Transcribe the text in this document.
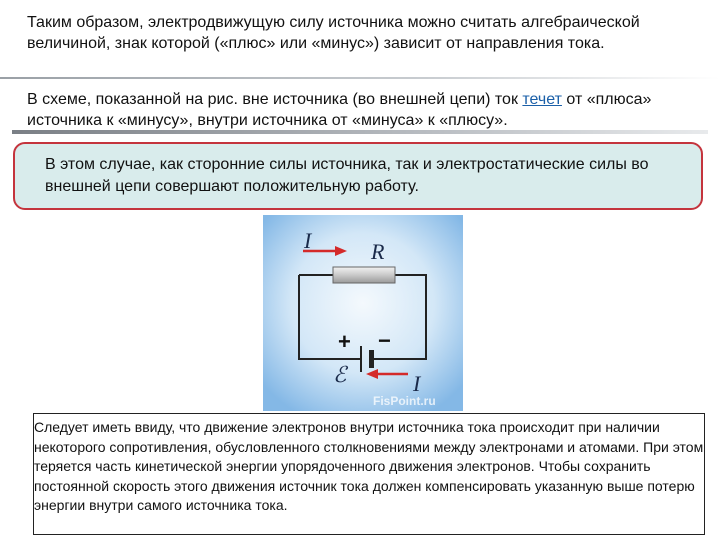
Таким образом, электродвижущую силу источника можно считать алгебраической величиной, знак которой («плюс» или «минус») зависит от направления тока.
В схеме, показанной на рис. вне источника (во внешней цепи) ток течет от «плюса» источника к «минусу», внутри источника от «минуса» к «плюсу».
В этом случае, как сторонние силы источника, так и электростатические силы во внешней цепи совершают положительную работу.
I	R
+ −
ℰ	I
FisPoint.ru
Следует иметь ввиду, что движение электронов внутри источника тока происходит при наличии некоторого сопротивления, обусловленного столкновениями между электронами и атомами. При этом теряется часть кинетической энергии упорядоченного движения электронов. Чтобы сохранить постоянной скорость этого движения источник тока должен компенсировать указанную выше потерю энергии внутри самого источника тока.
